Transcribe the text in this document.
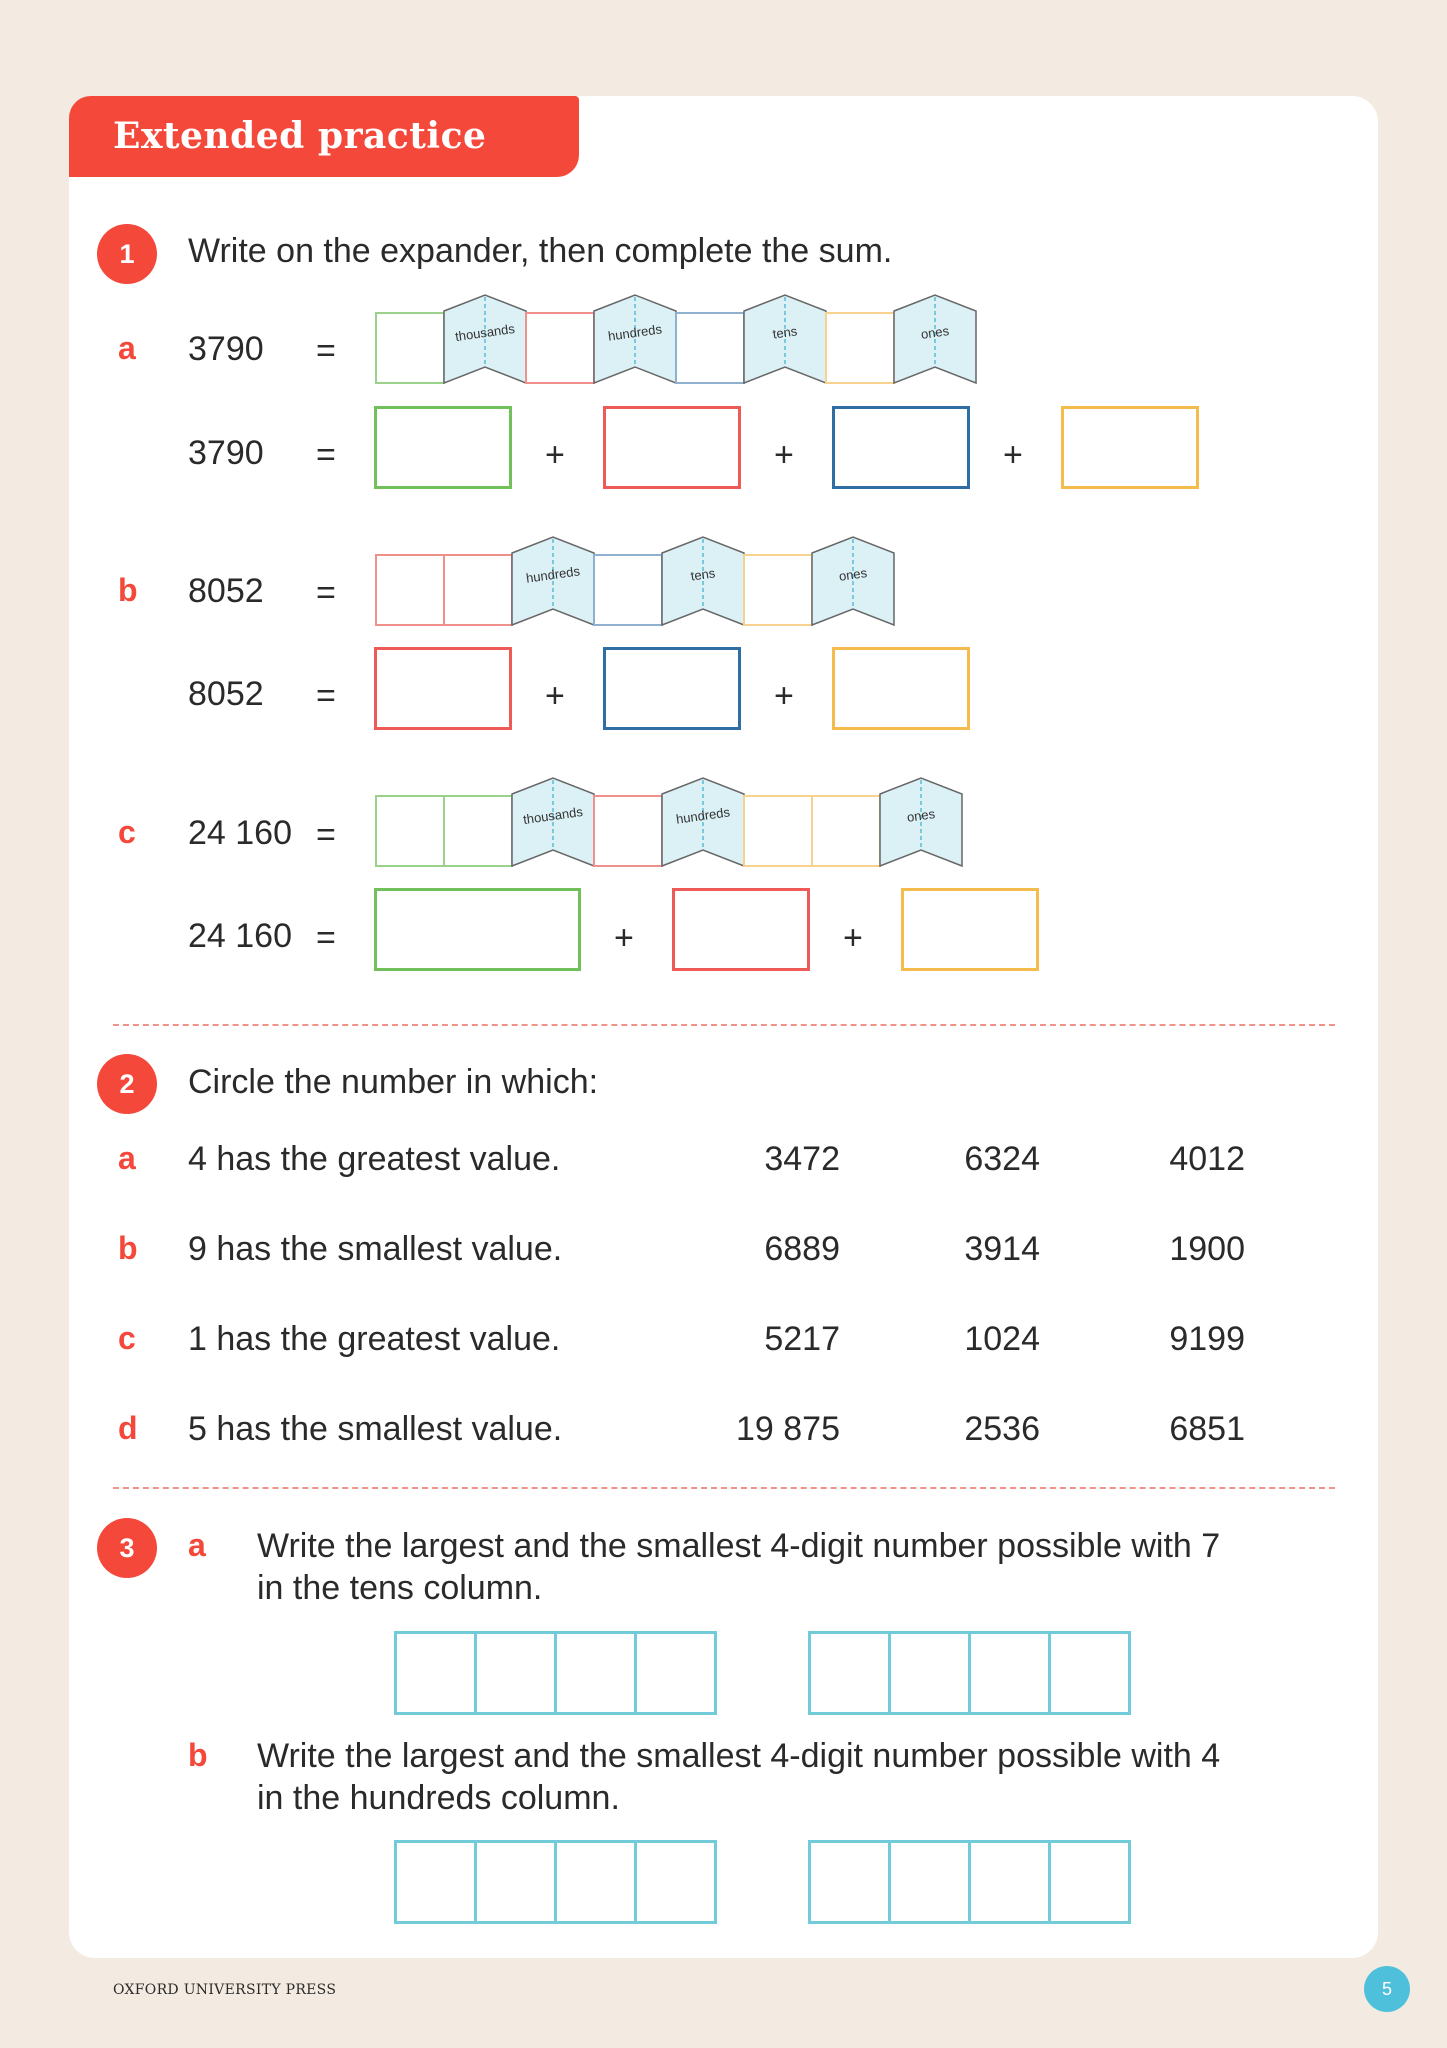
Extended practice
1	Write on the expander, then complete the sum.
a 3790 =	thousands	hundreds	tens	ones
3790 =	+	+	+
b 8052 =	hundreds	tens	ones
8052 =	+	+
c 24 160 =
thousands	hundreds	ones
24 160 =	+	+
2	Circle the number in which:
a 4 has the greatest value.	3472	6324	4012
b 9 has the smallest value.	6889	3914	1900
c 1 has the greatest value.	5217	1024	9199
d 5 has the smallest value.	19 875	2536	6851
3	a Write the largest and the smallest 4-digit number possible with 7
in the tens column.
b Write the largest and the smallest 4-digit number possible with 4
in the hundreds column.
OXFORD UNIVERSITY PRESS	5
